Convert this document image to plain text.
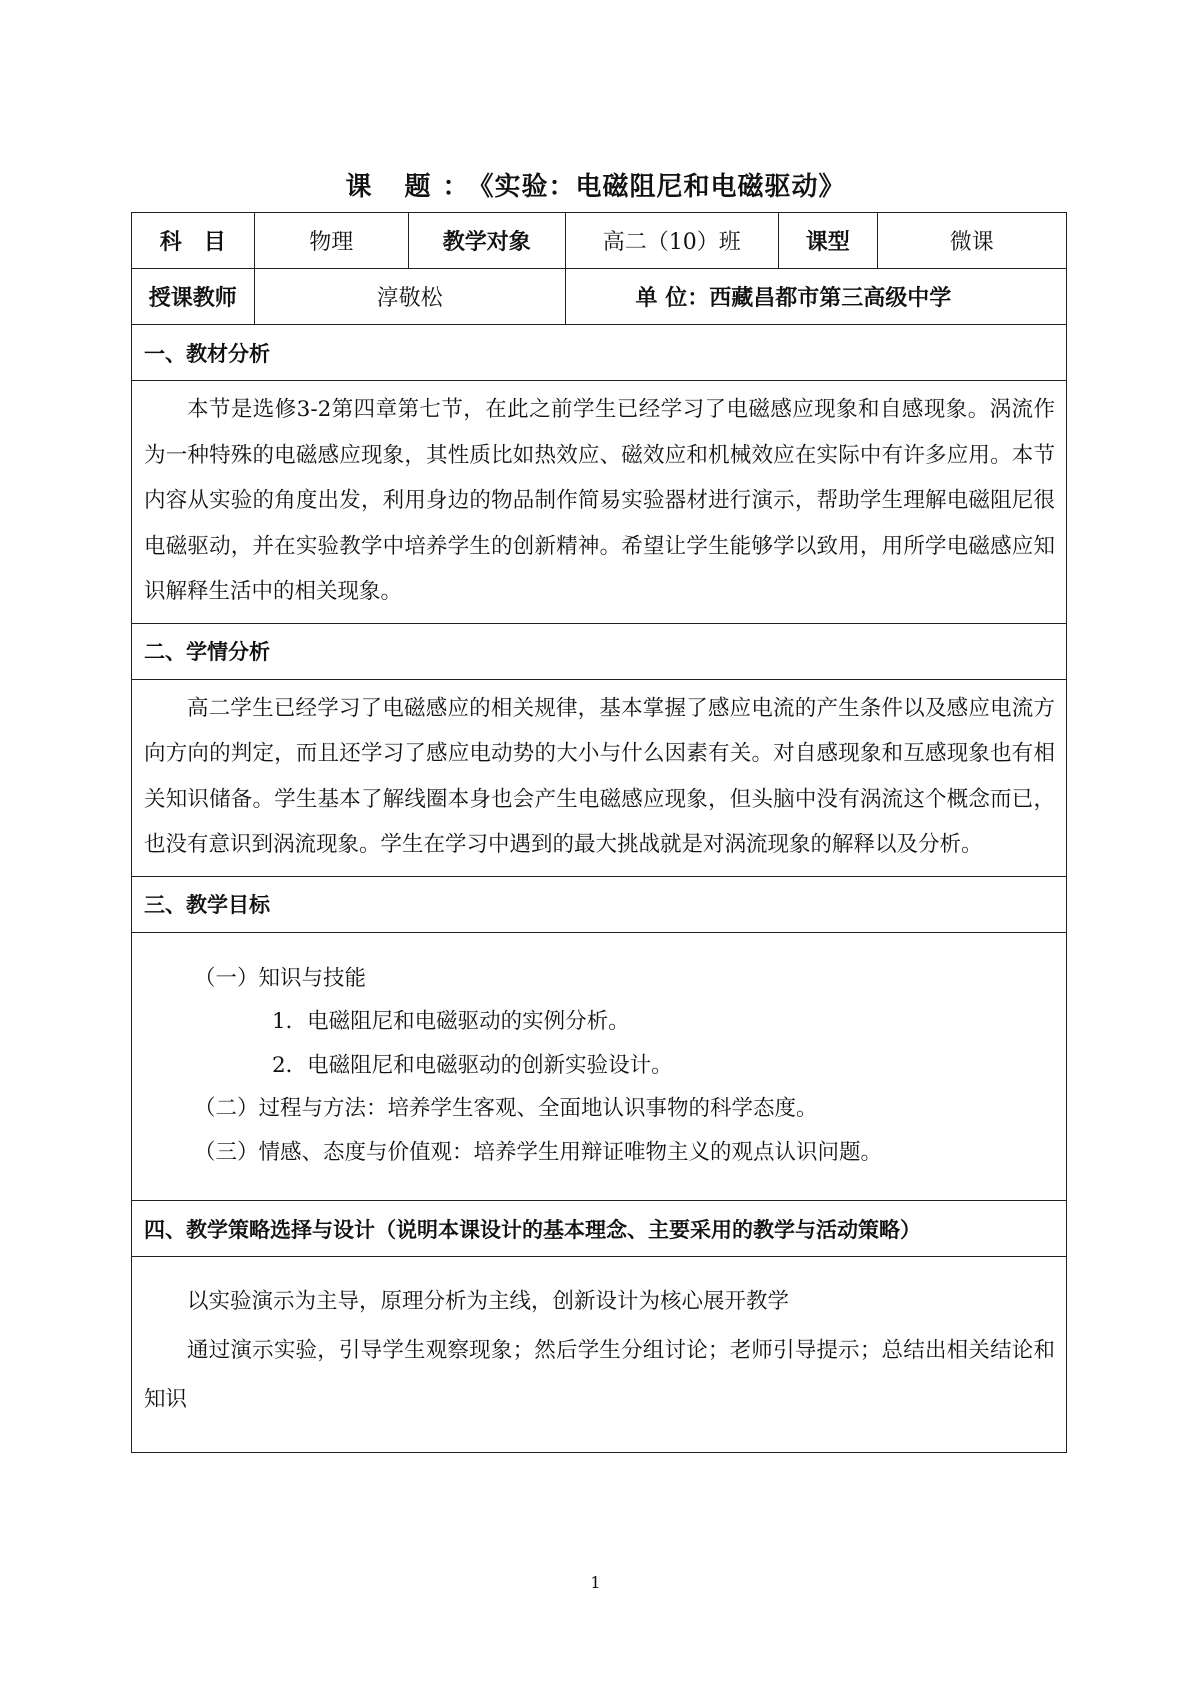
课 题：《实验：电磁阻尼和电磁驱动》
科　目	物理	教学对象	高二（10）班	课型	微课
授课教师	淳敬松		单 位：西藏昌都市第三高级中学		
一、教材分析					

本节是选修3-2第四章第七节，在此之前学生已经学习了电磁感应现象和自感现象。涡流作为一种特殊的电磁感应现象，其性质比如热效应、磁效应和机械效应在实际中有许多应用。本节内容从实验的角度出发，利用身边的物品制作简易实验器材进行演示，帮助学生理解电磁阻尼很电磁驱动，并在实验教学中培养学生的创新精神。希望让学生能够学以致用，用所学电磁感应知识解释生活中的相关现象。					

二、学情分析					

高二学生已经学习了电磁感应的相关规律，基本掌握了感应电流的产生条件以及感应电流方向方向的判定，而且还学习了感应电动势的大小与什么因素有关。对自感现象和互感现象也有相关知识储备。学生基本了解线圈本身也会产生电磁感应现象，但头脑中没有涡流这个概念而已，也没有意识到涡流现象。学生在学习中遇到的最大挑战就是对涡流现象的解释以及分析。					

三、教学目标					

（一）知识与技能
1．电磁阻尼和电磁驱动的实例分析。
2．电磁阻尼和电磁驱动的创新实验设计。
（二）过程与方法：培养学生客观、全面地认识事物的科学态度。
（三）情感、态度与价值观：培养学生用辩证唯物主义的观点认识问题。					

四、教学策略选择与设计（说明本课设计的基本理念、主要采用的教学与活动策略）					

以实验演示为主导，原理分析为主线，创新设计为核心展开教学

通过演示实验，引导学生观察现象；然后学生分组讨论；老师引导提示；总结出相关结论和知识					

1
